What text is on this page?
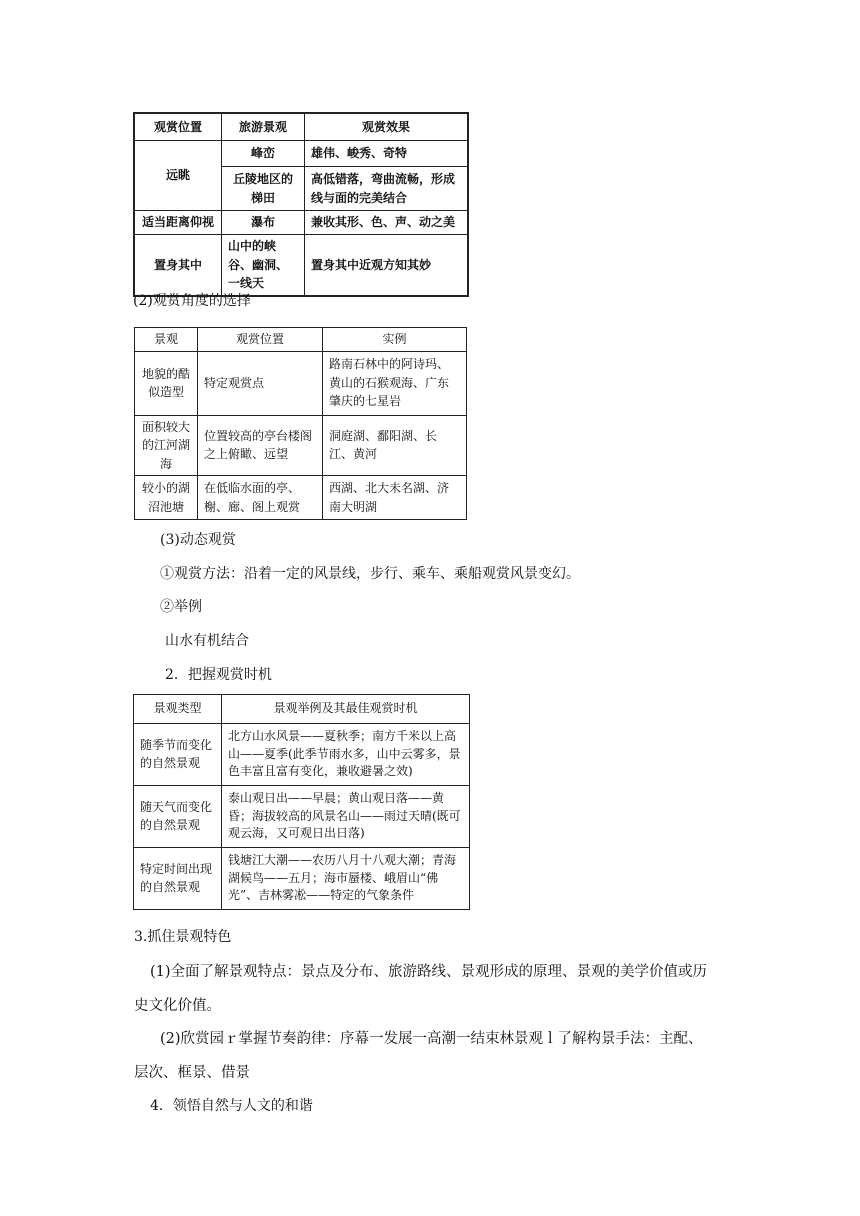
观赏位置	旅游景观	观赏效果
远眺	峰峦	雄伟、峻秀、奇特
	丘陵地区的梯田	高低错落，弯曲流畅，形成线与面的完美结合
适当距离仰视	瀑布	兼收其形、色、声、动之美
置身其中	山中的峡谷、幽洞、一线天	置身其中近观方知其妙
(2)观赏角度的选择
景观	观赏位置	实例
地貌的酷似造型	特定观赏点	路南石林中的阿诗玛、黄山的石猴观海、广东肇庆的七星岩
面积较大的江河湖海	位置较高的亭台楼阁之上俯瞰、远望	洞庭湖、鄱阳湖、长江、黄河
较小的湖沼池塘	在低临水面的亭、榭、廊、阁上观赏	西湖、北大未名湖、济南大明湖
(3)动态观赏
①观赏方法：沿着一定的风景线，步行、乘车、乘船观赏风景变幻。
②举例
山水有机结合
2．把握观赏时机
景观类型	景观举例及其最佳观赏时机
随季节而变化的自然景观	北方山水风景——夏秋季；南方千米以上高山——夏季(此季节雨水多，山中云雾多，景色丰富且富有变化，兼收避暑之效)
随天气而变化的自然景观	泰山观日出——早晨；黄山观日落——黄昏；海拔较高的风景名山——雨过天晴(既可观云海，又可观日出日落)
特定时间出现的自然景观	钱塘江大潮——农历八月十八观大潮；青海湖候鸟——五月；海市蜃楼、峨眉山“佛光”、吉林雾凇——特定的气象条件
3.抓住景观特色
(1)全面了解景观特点：景点及分布、旅游路线、景观形成的原理、景观的美学价值或历
史文化价值。
(2)欣赏园ｒ掌握节奏韵律：序幕一发展一高潮一结束林景观ｌ了解构景手法：主配、
层次、框景、借景
4．领悟自然与人文的和谐
